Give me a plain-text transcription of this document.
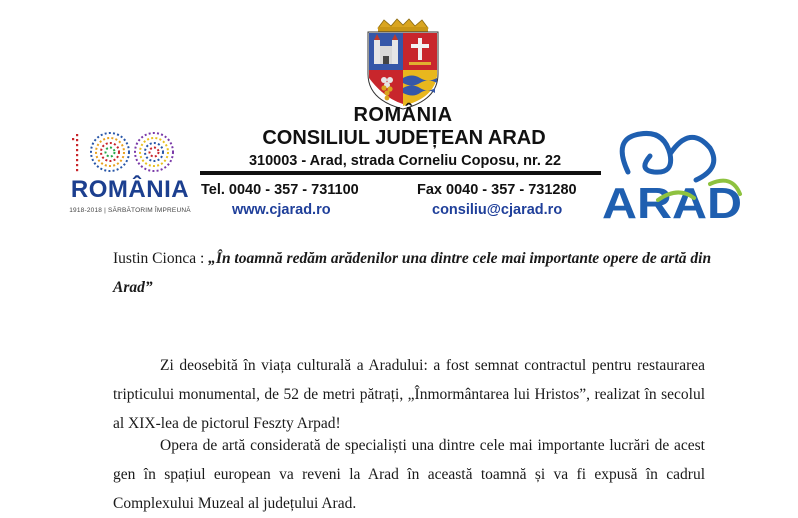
ROMÂNIA
CONSILIUL JUDEȚEAN ARAD
310003 - Arad, strada Corneliu Coposu, nr. 22
Tel. 0040 - 357 - 731100	Fax 0040 - 357 - 731280
www.cjarad.ro	consiliu@cjarad.ro
ROMÂNIA
1918-2018 | SĂRBĂTORIM ÎMPREUNĂ	ARAD
Iustin Cionca : „În toamnă redăm arădenilor una dintre cele mai importante opere de artă din Arad”
Zi deosebită în viața culturală a Aradului: a fost semnat contractul pentru restaurarea tripticului monumental, de 52 de metri pătrați, „Înmormântarea lui Hristos”, realizat în secolul al XIX-lea de pictorul Feszty Arpad!
Opera de artă considerată de specialiști una dintre cele mai importante lucrări de acest gen în spațiul european va reveni la Arad în această toamnă și va fi expusă în cadrul Complexului Muzeal al județului Arad.
